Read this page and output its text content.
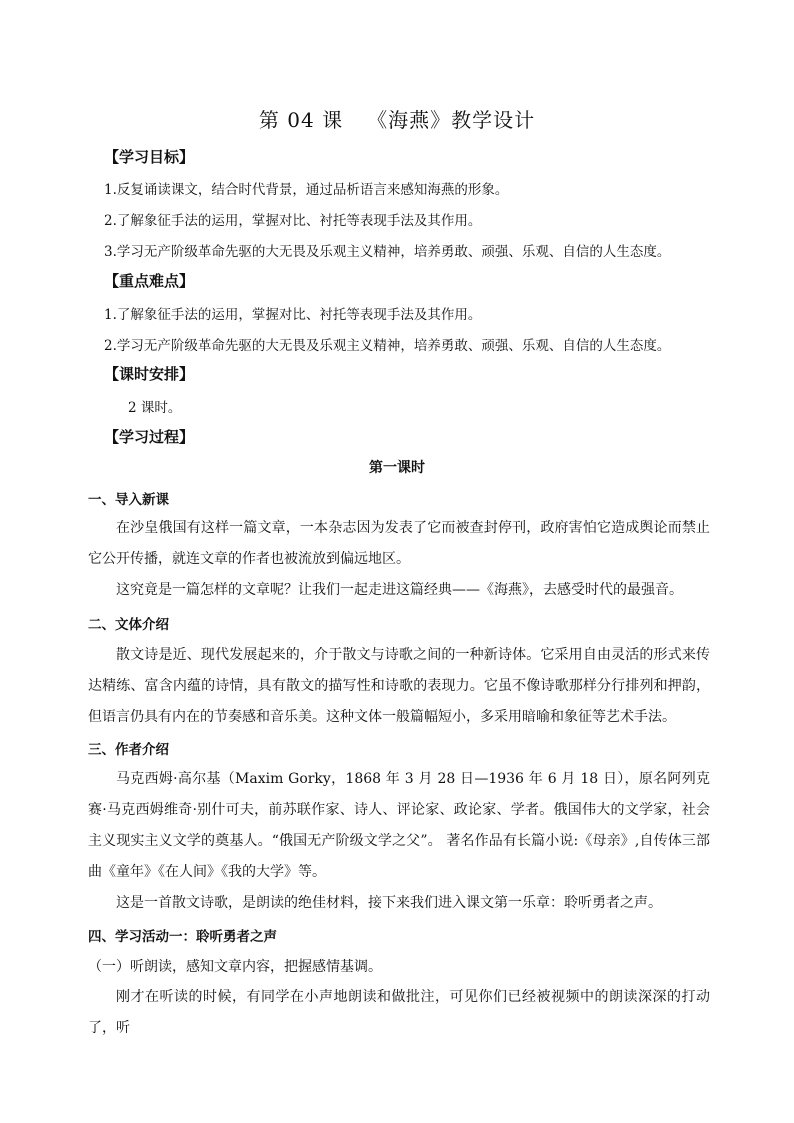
第 04 课 《海燕》教学设计
【学习目标】
1.反复诵读课文，结合时代背景，通过品析语言来感知海燕的形象。
2.了解象征手法的运用，掌握对比、衬托等表现手法及其作用。
3.学习无产阶级革命先驱的大无畏及乐观主义精神，培养勇敢、顽强、乐观、自信的人生态度。
【重点难点】
1.了解象征手法的运用，掌握对比、衬托等表现手法及其作用。
2.学习无产阶级革命先驱的大无畏及乐观主义精神，培养勇敢、顽强、乐观、自信的人生态度。
【课时安排】
2 课时。
【学习过程】
第一课时
一、导入新课
在沙皇俄国有这样一篇文章，一本杂志因为发表了它而被查封停刊，政府害怕它造成舆论而禁止它公开传播，就连文章的作者也被流放到偏远地区。
这究竟是一篇怎样的文章呢？让我们一起走进这篇经典——《海燕》，去感受时代的最强音。
二、文体介绍
散文诗是近、现代发展起来的，介于散文与诗歌之间的一种新诗体。它采用自由灵活的形式来传达精练、富含内蕴的诗情，具有散文的描写性和诗歌的表现力。它虽不像诗歌那样分行排列和押韵，但语言仍具有内在的节奏感和音乐美。这种文体一般篇幅短小，多采用暗喻和象征等艺术手法。
三、作者介绍
马克西姆·高尔基（Maxim Gorky，1868 年 3 月 28 日—1936 年 6 月 18 日），原名阿列克赛·马克西姆维奇·别什可夫，前苏联作家、诗人、评论家、政论家、学者。俄国伟大的文学家，社会主义现实主义文学的奠基人。“俄国无产阶级文学之父”。 著名作品有长篇小说:《母亲》,自传体三部曲《童年》《在人间》《我的大学》等。
这是一首散文诗歌，是朗读的绝佳材料，接下来我们进入课文第一乐章：聆听勇者之声。
四、学习活动一：聆听勇者之声
（一）听朗读，感知文章内容，把握感情基调。
刚才在听读的时候，有同学在小声地朗读和做批注，可见你们已经被视频中的朗读深深的打动了，听
